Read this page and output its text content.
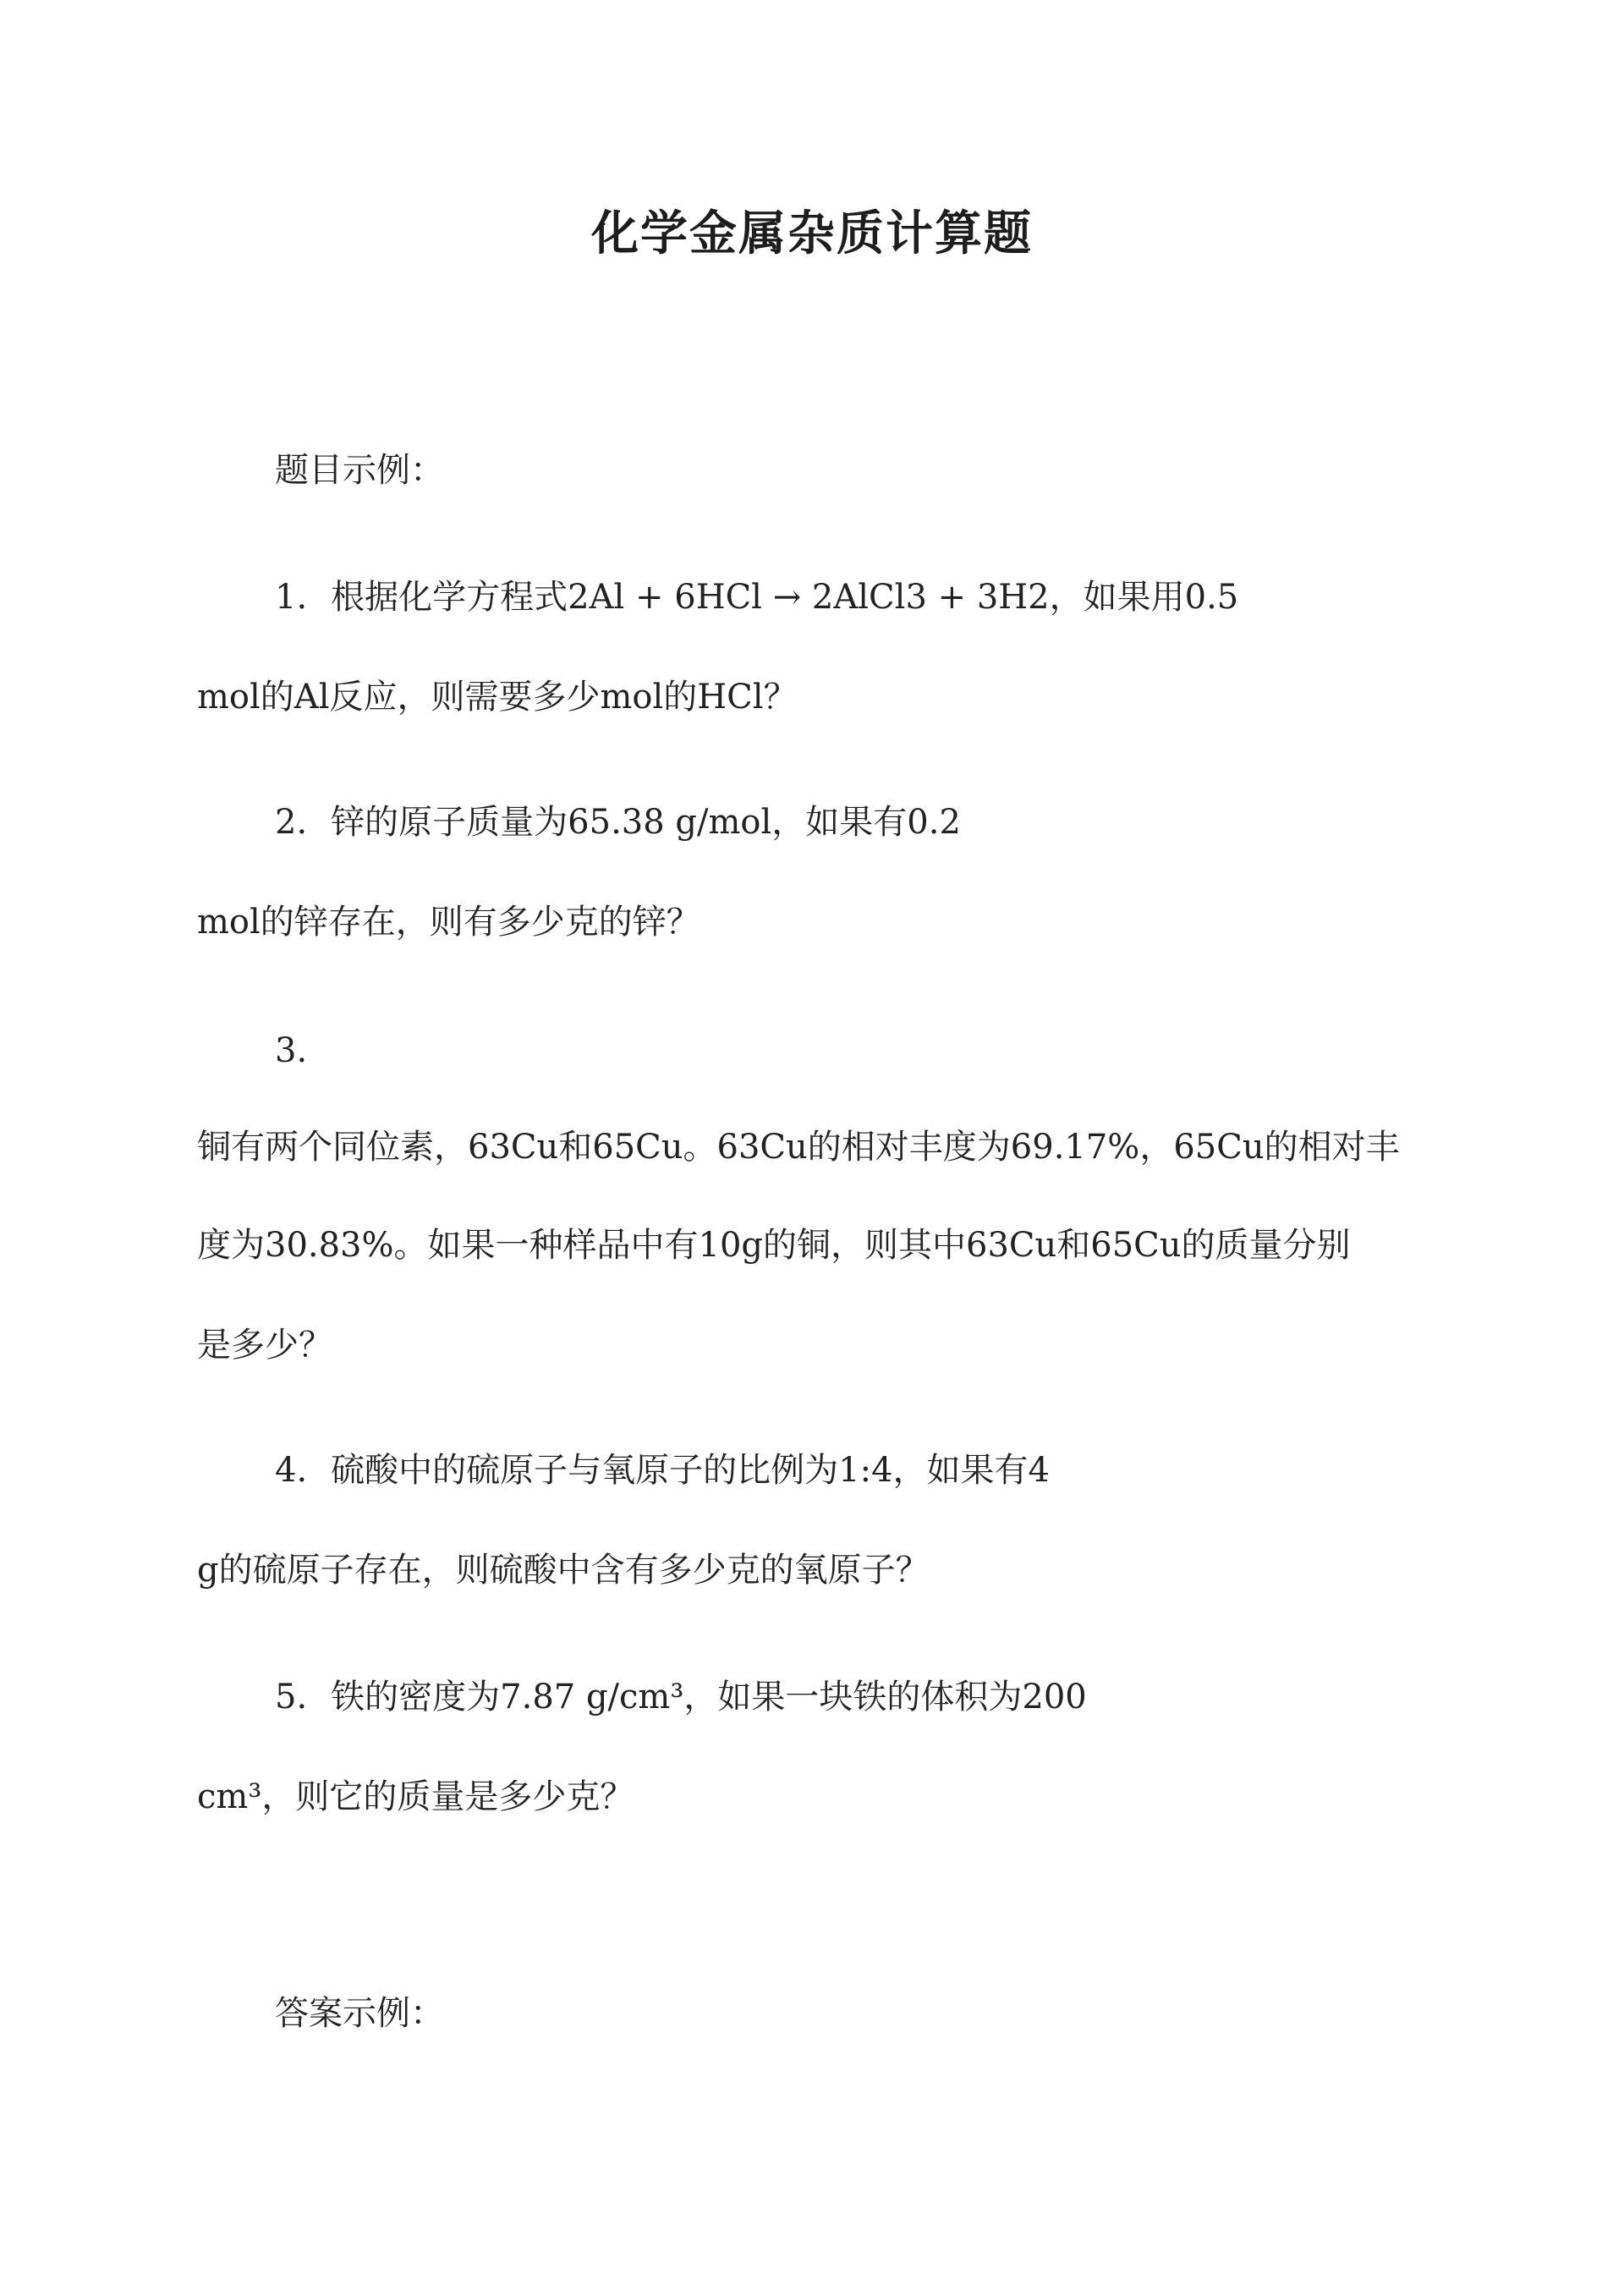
化学金属杂质计算题
题目示例：
1. 根据化学方程式2Al + 6HCl → 2AlCl3 + 3H2，如果用0.5
mol的Al反应，则需要多少mol的HCl？
2. 锌的原子质量为65.38 g/mol，如果有0.2
mol的锌存在，则有多少克的锌？
3.
铜有两个同位素，63Cu和65Cu。63Cu的相对丰度为69.17%，65Cu的相对丰
度为30.83%。如果一种样品中有10g的铜，则其中63Cu和65Cu的质量分别
是多少？
4. 硫酸中的硫原子与氧原子的比例为1:4，如果有4
g的硫原子存在，则硫酸中含有多少克的氧原子？
5. 铁的密度为7.87 g/cm³，如果一块铁的体积为200
cm³，则它的质量是多少克？
答案示例：
